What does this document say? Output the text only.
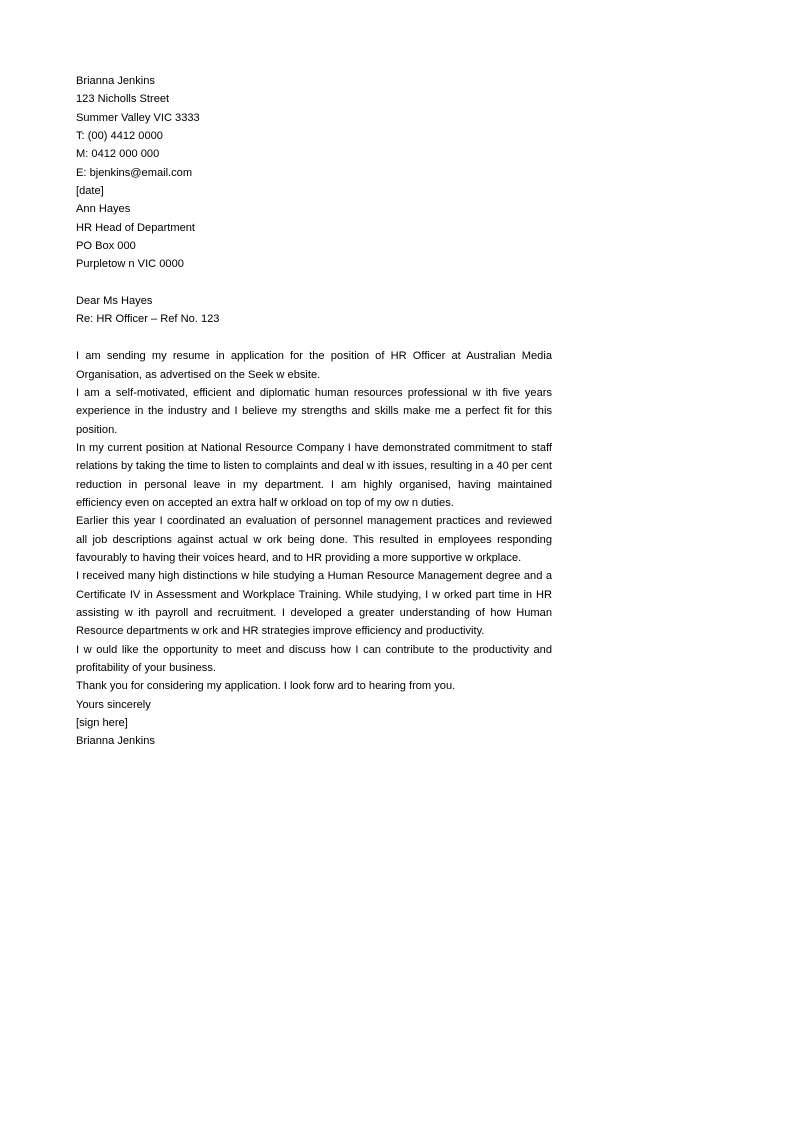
Brianna Jenkins
123 Nicholls Street
Summer Valley VIC 3333
T: (00) 4412 0000
M: 0412 000 000
E: bjenkins@email.com
[date]
Ann Hayes
HR Head of Department
PO Box 000
Purpletow n VIC 0000
Dear Ms Hayes
Re: HR Officer – Ref No. 123

I am sending my resume in application for the position of HR Officer at Australian Media Organisation, as advertised on the Seek w ebsite.

I am a self-motivated, efficient and diplomatic human resources professional w ith five years experience in the industry and I believe my strengths and skills make me a perfect fit for this position.

In my current position at National Resource Company I have demonstrated commitment to staff relations by taking the time to listen to complaints and deal w ith issues, resulting in a 40 per cent reduction in personal leave in my department. I am highly organised, having maintained efficiency even on accepted an extra half w orkload on top of my ow n duties.

Earlier this year I coordinated an evaluation of personnel management practices and reviewed all job descriptions against actual w ork being done. This resulted in employees responding favourably to having their voices heard, and to HR providing a more supportive w orkplace.

I received many high distinctions w hile studying a Human Resource Management degree and a Certificate IV in Assessment and Workplace Training. While studying, I w orked part time in HR assisting w ith payroll and recruitment. I developed a greater understanding of how Human Resource departments w ork and HR strategies improve efficiency and productivity.

I w ould like the opportunity to meet and discuss how I can contribute to the productivity and profitability of your business.

Thank you for considering my application. I look forw ard to hearing from you.

Yours sincerely
[sign here]
Brianna Jenkins
